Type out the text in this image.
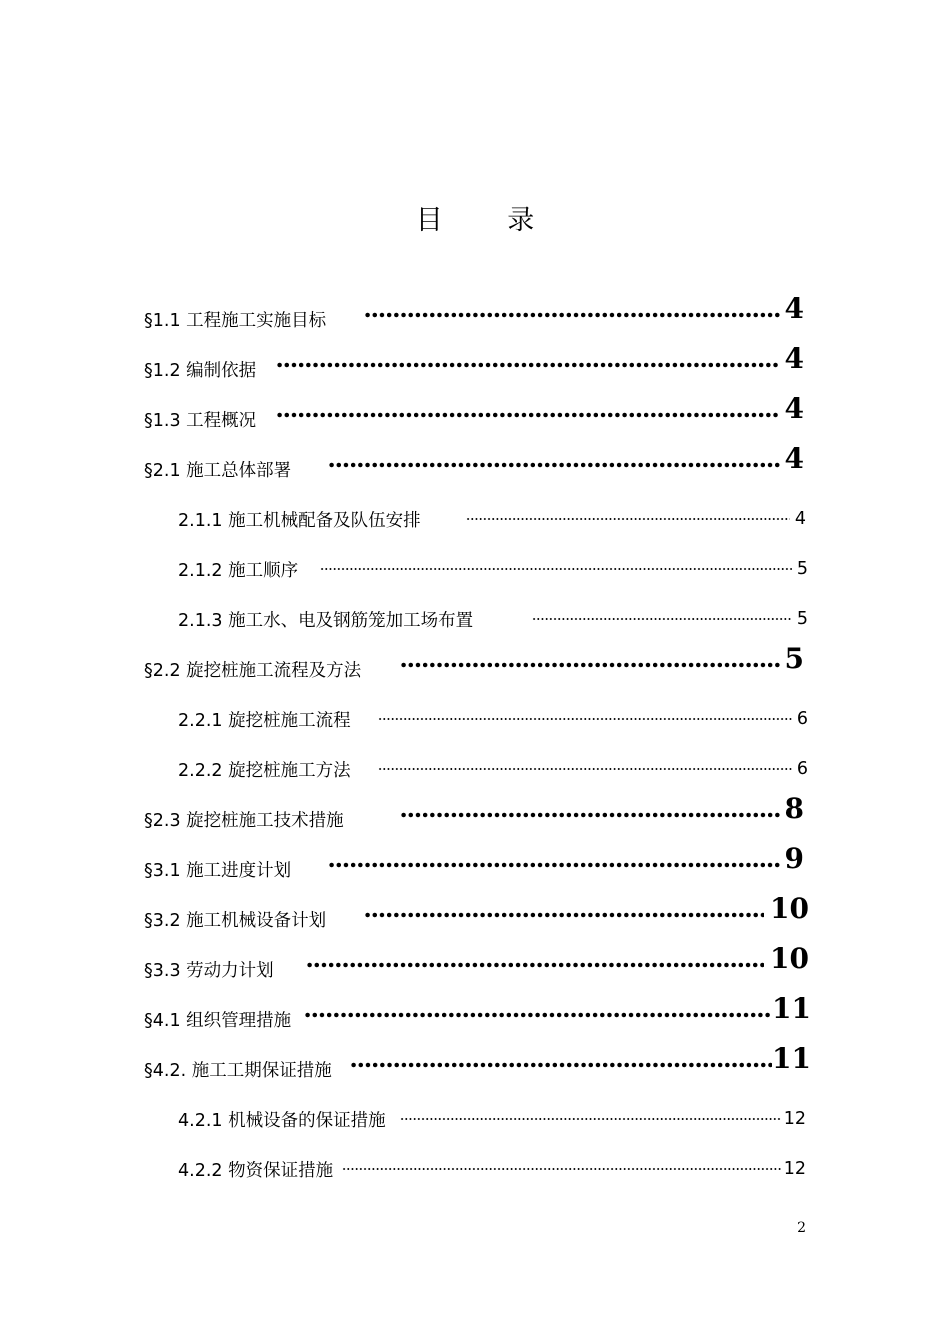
目 录
§1.1 工程施工实施目标	4
§1.2 编制依据	4
§1.3 工程概况	4
§2.1 施工总体部署	4
2.1.1 施工机械配备及队伍安排	4
2.1.2 施工顺序	5
2.1.3 施工水、电及钢筋笼加工场布置	5
§2.2 旋挖桩施工流程及方法	5
2.2.1 旋挖桩施工流程	6
2.2.2 旋挖桩施工方法	6
§2.3 旋挖桩施工技术措施	8
§3.1 施工进度计划	9
§3.2 施工机械设备计划	10
§3.3 劳动力计划	10
§4.1 组织管理措施	11
§4.2. 施工工期保证措施	11
4.2.1 机械设备的保证措施	12
4.2.2 物资保证措施	12
2
